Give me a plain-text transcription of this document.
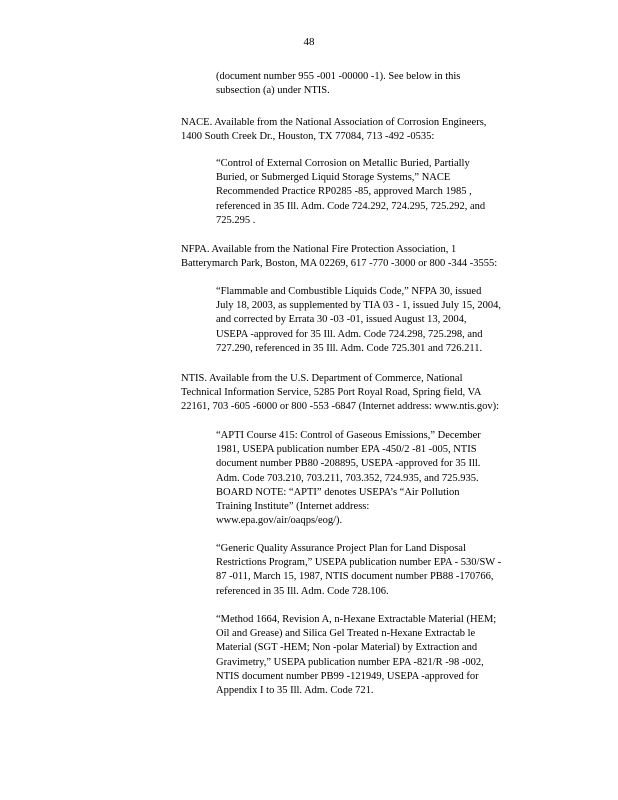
48
(document number 955 -001 -00000 -1). See below in this
subsection (a) under NTIS.
NACE. Available from the National Association of Corrosion Engineers,
1400 South Creek Dr., Houston, TX 77084, 713 -492 -0535:
“Control of External Corrosion on Metallic Buried, Partially
Buried, or Submerged Liquid Storage Systems,” NACE
Recommended Practice RP0285 -85, approved March 1985 ,
referenced in 35 Ill. Adm. Code 724.292, 724.295, 725.292, and
725.295 .
NFPA. Available from the National Fire Protection Association, 1
Batterymarch Park, Boston, MA 02269, 617 -770 -3000 or 800 -344 -3555:
“Flammable and Combustible Liquids Code,” NFPA 30, issued
July 18, 2003, as supplemented by TIA 03 - 1, issued July 15, 2004,
and corrected by Errata 30 -03 -01, issued August 13, 2004,
USEPA -approved for 35 Ill. Adm. Code 724.298, 725.298, and
727.290, referenced in 35 Ill. Adm. Code 725.301 and 726.211.
NTIS. Available from the U.S. Department of Commerce, National
Technical Information Service, 5285 Port Royal Road, Spring field, VA
22161, 703 -605 -6000 or 800 -553 -6847 (Internet address: www.ntis.gov):
“APTI Course 415: Control of Gaseous Emissions,” December
1981, USEPA publication number EPA -450/2 -81 -005, NTIS
document number PB80 -208895, USEPA -approved for 35 Ill.
Adm. Code 703.210, 703.211, 703.352, 724.935, and 725.935.
BOARD NOTE: “APTI” denotes USEPA’s “Air Pollution
Training Institute” (Internet address:
www.epa.gov/air/oaqps/eog/).
“Generic Quality Assurance Project Plan for Land Disposal
Restrictions Program,” USEPA publication number EPA - 530/SW -
87 -011, March 15, 1987, NTIS document number PB88 -170766,
referenced in 35 Ill. Adm. Code 728.106.
“Method 1664, Revision A, n-Hexane Extractable Material (HEM;
Oil and Grease) and Silica Gel Treated n-Hexane Extractab le
Material (SGT -HEM; Non -polar Material) by Extraction and
Gravimetry,” USEPA publication number EPA -821/R -98 -002,
NTIS document number PB99 -121949, USEPA -approved for
Appendix I to 35 Ill. Adm. Code 721.
